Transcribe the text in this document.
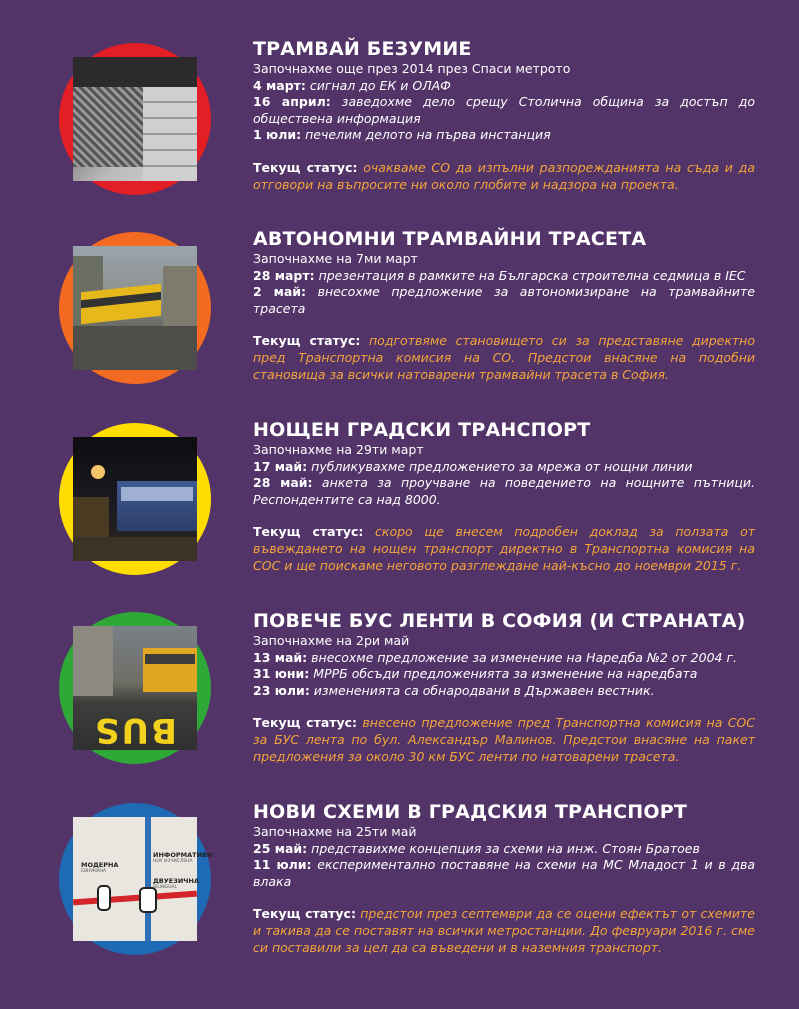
ТРАМВАЙ БЕЗУМИЕ

Започнахме още през 2014 през Спаси метрото

4 март: сигнал до ЕК и ОЛАФ

16 април: заведохме дело срещу Столична община за достъп до обществена информация

1 юли: печелим делото на първа инстанция

Текущ статус: очакваме СО да изпълни разпорежданията на съда и да отговори на въпросите ни около глобите и надзора на проекта.

АВТОНОМНИ ТРАМВАЙНИ ТРАСЕТА

Започнахме на 7ми март

28 март: презентация в рамките на Българска строителна седмица в IEC

2 май: внесохме предложение за автономизиране на трамвайните трасета

Текущ статус: подготвяме становището си за представяне директно пред Транспортна комисия на СО. Предстои внасяне на подобни становища за всички натоварени трамвайни трасета в София.

НОЩЕН ГРАДСКИ ТРАНСПОРТ

Започнахме на 29ти март

17 май: публикувахме предложението за мрежа от нощни линии

28 май: анкета за проучване на поведението на нощните пътници. Респондентите са над 8000.

Текущ статус: скоро ще внесем подробен доклад за ползата от въвеждането на нощен транспорт директно в Транспортна комисия на СОС и ще поискаме неговото разглеждане най-късно до ноември 2015 г.

BUS
ПОВЕЧЕ БУС ЛЕНТИ В СОФИЯ (И СТРАНАТА)

Започнахме на 2ри май

13 май: внесохме предложение за изменение на Наредба №2 от 2004 г.

31 юни: МРРБ обсъди предложенията за изменение на наредбата

23 юли: измененията са обнародвани в Държавен вестник.

Текущ статус: внесено предложение пред Транспортна комисия на СОС за БУС лента по бул. Александър Малинов. Предстои внасяне на пакет предложения за около 30 км БУС ленти по натоварени трасета.

ИНФОРМАТИВН
НОУ ИЗЧИСЛЕНА
МОДЕРНА
ЕВНУКИНА
ДВУЕЗИЧНА
BILINGUAL
НОВИ СХЕМИ В ГРАДСКИЯ ТРАНСПОРТ

Започнахме на 25ти май

25 май: представихме концепция за схеми на инж. Стоян Братоев

11 юли: експериментално поставяне на схеми на МС Младост 1 и в два влака

Текущ статус: предстои през септември да се оцени ефектът от схемите и такива да се поставят на всички метростанции. До февруари 2016 г. сме си поставили за цел да са въведени и в наземния транспорт.
